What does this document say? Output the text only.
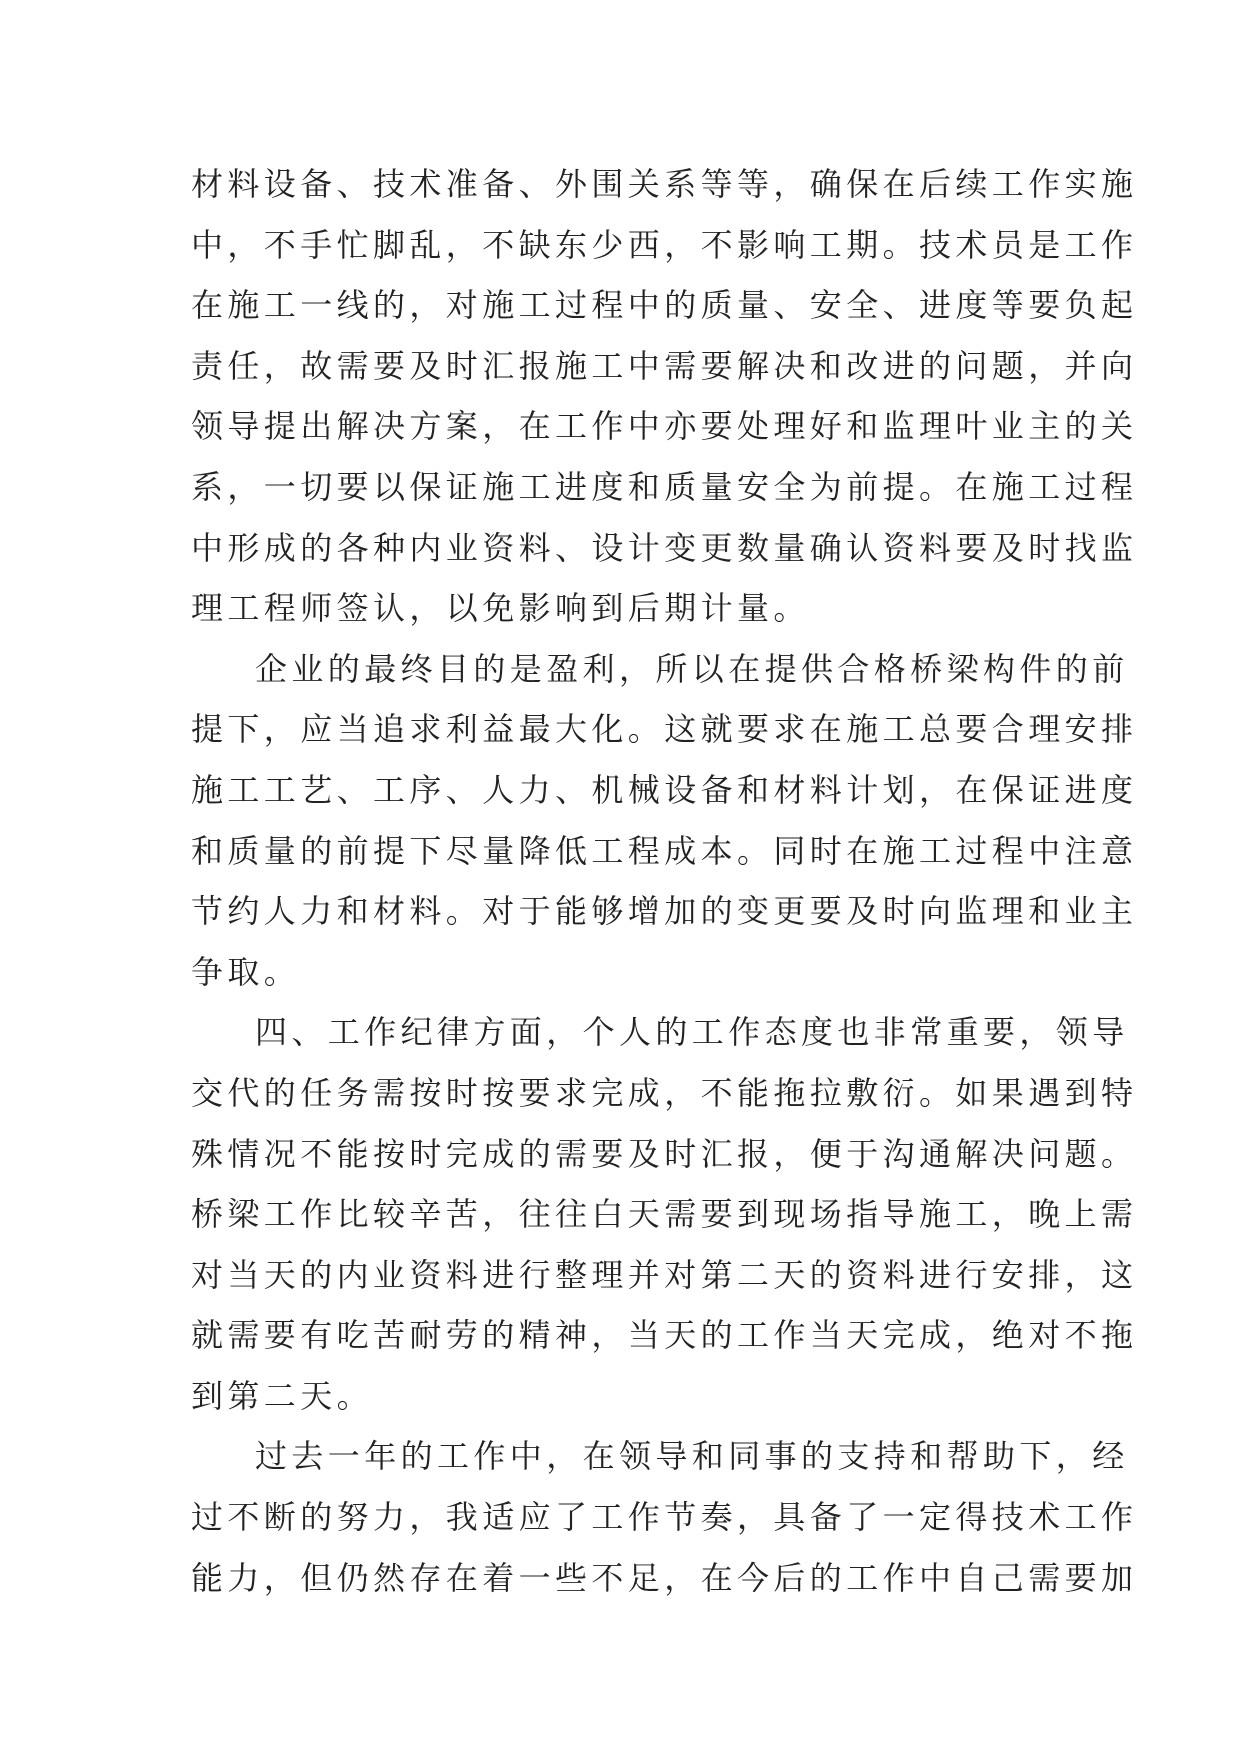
材料设备、技术准备、外围关系等等，确保在后续工作实施
中，不手忙脚乱，不缺东少西，不影响工期。技术员是工作
在施工一线的，对施工过程中的质量、安全、进度等要负起
责任，故需要及时汇报施工中需要解决和改进的问题，并向
领导提出解决方案，在工作中亦要处理好和监理叶业主的关
系，一切要以保证施工进度和质量安全为前提。在施工过程
中形成的各种内业资料、设计变更数量确认资料要及时找监
理工程师签认，以免影响到后期计量。
企业的最终目的是盈利，所以在提供合格桥梁构件的前
提下，应当追求利益最大化。这就要求在施工总要合理安排
施工工艺、工序、人力、机械设备和材料计划，在保证进度
和质量的前提下尽量降低工程成本。同时在施工过程中注意
节约人力和材料。对于能够增加的变更要及时向监理和业主
争取。
四、工作纪律方面，个人的工作态度也非常重要，领导
交代的任务需按时按要求完成，不能拖拉敷衍。如果遇到特
殊情况不能按时完成的需要及时汇报，便于沟通解决问题。
桥梁工作比较辛苦，往往白天需要到现场指导施工，晚上需
对当天的内业资料进行整理并对第二天的资料进行安排，这
就需要有吃苦耐劳的精神，当天的工作当天完成，绝对不拖
到第二天。
过去一年的工作中，在领导和同事的支持和帮助下，经
过不断的努力，我适应了工作节奏，具备了一定得技术工作
能力，但仍然存在着一些不足，在今后的工作中自己需要加
